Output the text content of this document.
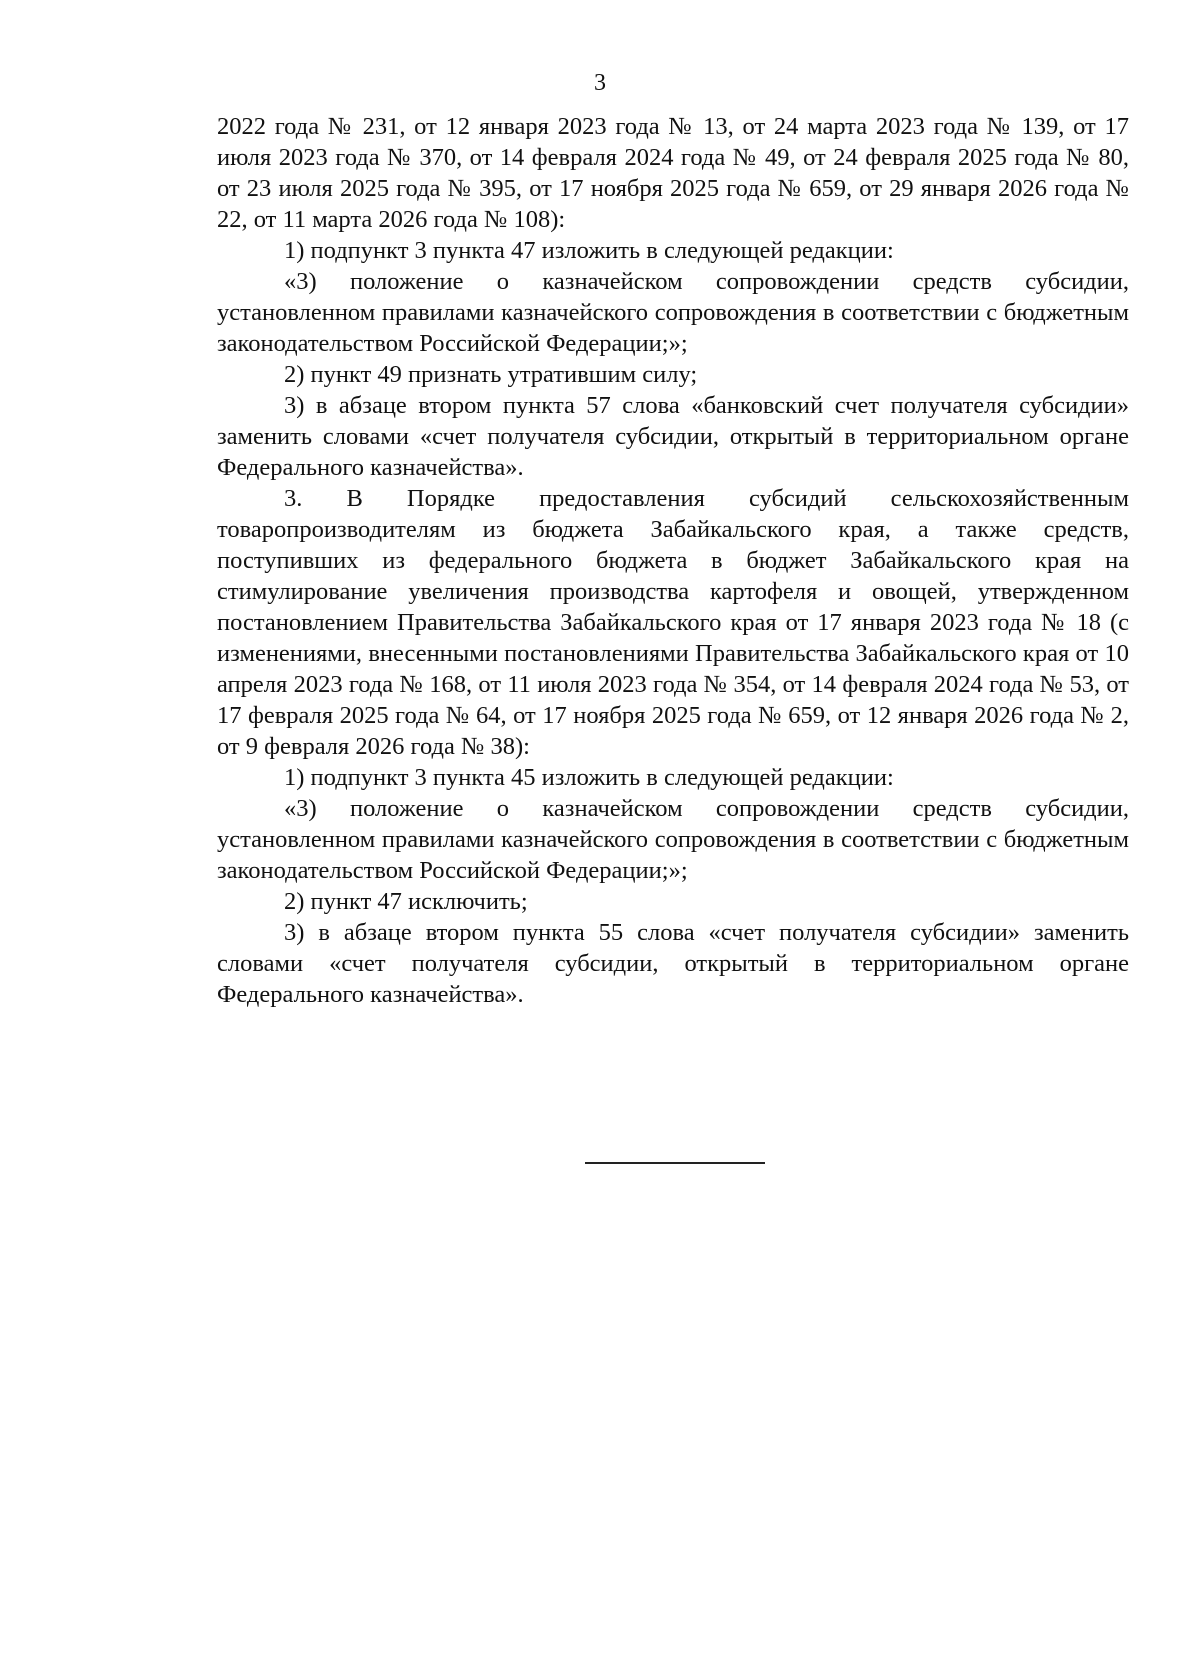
3

2022 года № 231, от 12 января 2023 года № 13, от 24 марта 2023 года № 139, от 17 июля 2023 года № 370, от 14 февраля 2024 года № 49, от 24 февраля 2025 года № 80, от 23 июля 2025 года № 395, от 17 ноября 2025 года № 659, от 29 января 2026 года № 22, от 11 марта 2026 года № 108):

1) подпункт 3 пункта 47 изложить в следующей редакции:

«3) положение о казначейском сопровождении средств субсидии, установленном правилами казначейского сопровождения в соответствии с бюджетным законодательством Российской Федерации;»;

2) пункт 49 признать утратившим силу;

3) в абзаце втором пункта 57 слова «банковский счет получателя субсидии» заменить словами «счет получателя субсидии, открытый в территориальном органе Федерального казначейства».

3. В Порядке предоставления субсидий сельскохозяйственным товаропроизводителям из бюджета Забайкальского края, а также средств, поступивших из федерального бюджета в бюджет Забайкальского края на стимулирование увеличения производства картофеля и овощей, утвержденном постановлением Правительства Забайкальского края от 17 января 2023 года № 18 (с изменениями, внесенными постановлениями Правительства Забайкальского края от 10 апреля 2023 года № 168, от 11 июля 2023 года № 354, от 14 февраля 2024 года № 53, от 17 февраля 2025 года № 64, от 17 ноября 2025 года № 659, от 12 января 2026 года № 2, от 9 февраля 2026 года № 38):

1) подпункт 3 пункта 45 изложить в следующей редакции:

«3) положение о казначейском сопровождении средств субсидии, установленном правилами казначейского сопровождения в соответствии с бюджетным законодательством Российской Федерации;»;

2) пункт 47 исключить;

3) в абзаце втором пункта 55 слова «счет получателя субсидии» заменить словами «счет получателя субсидии, открытый в территориальном органе Федерального казначейства».
